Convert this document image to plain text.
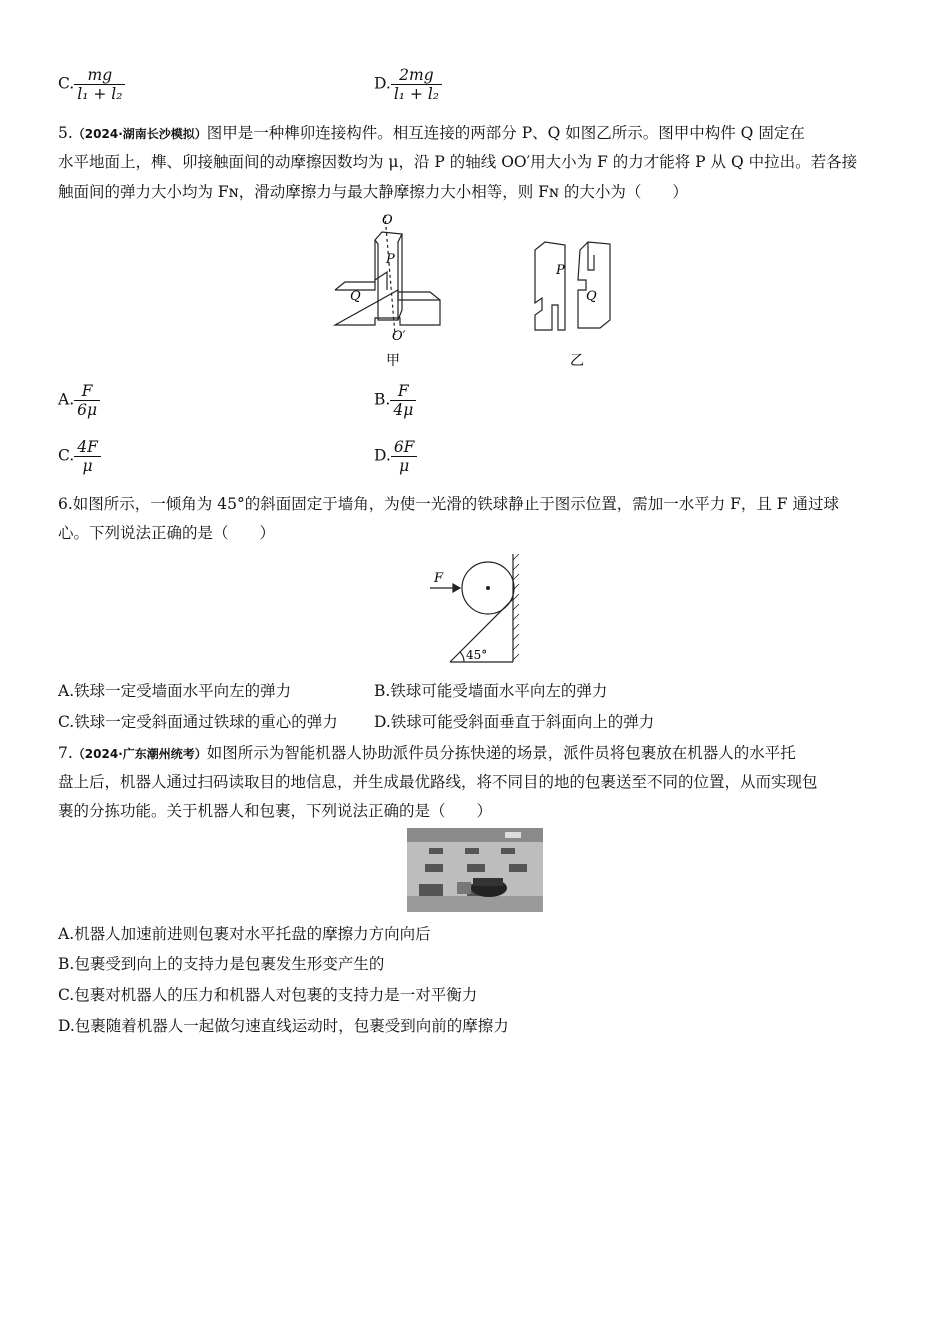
C. $\frac{mg}{\text{l₁ + l₂}}$	D. $\frac{2mg}{\text{l₁ + l₂}}$
5.（2024·湖南长沙模拟）图甲是一种榫卯连接构件。相互连接的两部分 P、Q 如图乙所示。图甲中构件 Q 固定在
水平地面上，榫、卯接触面间的动摩擦因数均为 μ，沿 P 的轴线 OO′用大小为 F 的力才能将 P 从 Q 中拉出。若各接
触面间的弹力大小均为 Fɴ，滑动摩擦力与最大静摩擦力大小相等，则 Fɴ 的大小为（　　）
O
P
Q
O′
甲
P
Q
乙
A. $\frac{F}{6\mu}$	B. $\frac{F}{4\mu}$
C. $\frac{4F}{\mu}$	D. $\frac{6F}{\mu}$
6.如图所示，一倾角为 45°的斜面固定于墙角，为使一光滑的铁球静止于图示位置，需加一水平力 F，且 F 通过球
心。下列说法正确的是（　　）
F
45°
A.铁球一定受墙面水平向左的弹力	B.铁球可能受墙面水平向左的弹力
C.铁球一定受斜面通过铁球的重心的弹力 D.铁球可能受斜面垂直于斜面向上的弹力
7.（2024·广东潮州统考）如图所示为智能机器人协助派件员分拣快递的场景，派件员将包裹放在机器人的水平托
盘上后，机器人通过扫码读取目的地信息，并生成最优路线，将不同目的地的包裹送至不同的位置，从而实现包
裹的分拣功能。关于机器人和包裹，下列说法正确的是（　　）
A.机器人加速前进则包裹对水平托盘的摩擦力方向向后
B.包裹受到向上的支持力是包裹发生形变产生的
C.包裹对机器人的压力和机器人对包裹的支持力是一对平衡力
D.包裹随着机器人一起做匀速直线运动时，包裹受到向前的摩擦力
